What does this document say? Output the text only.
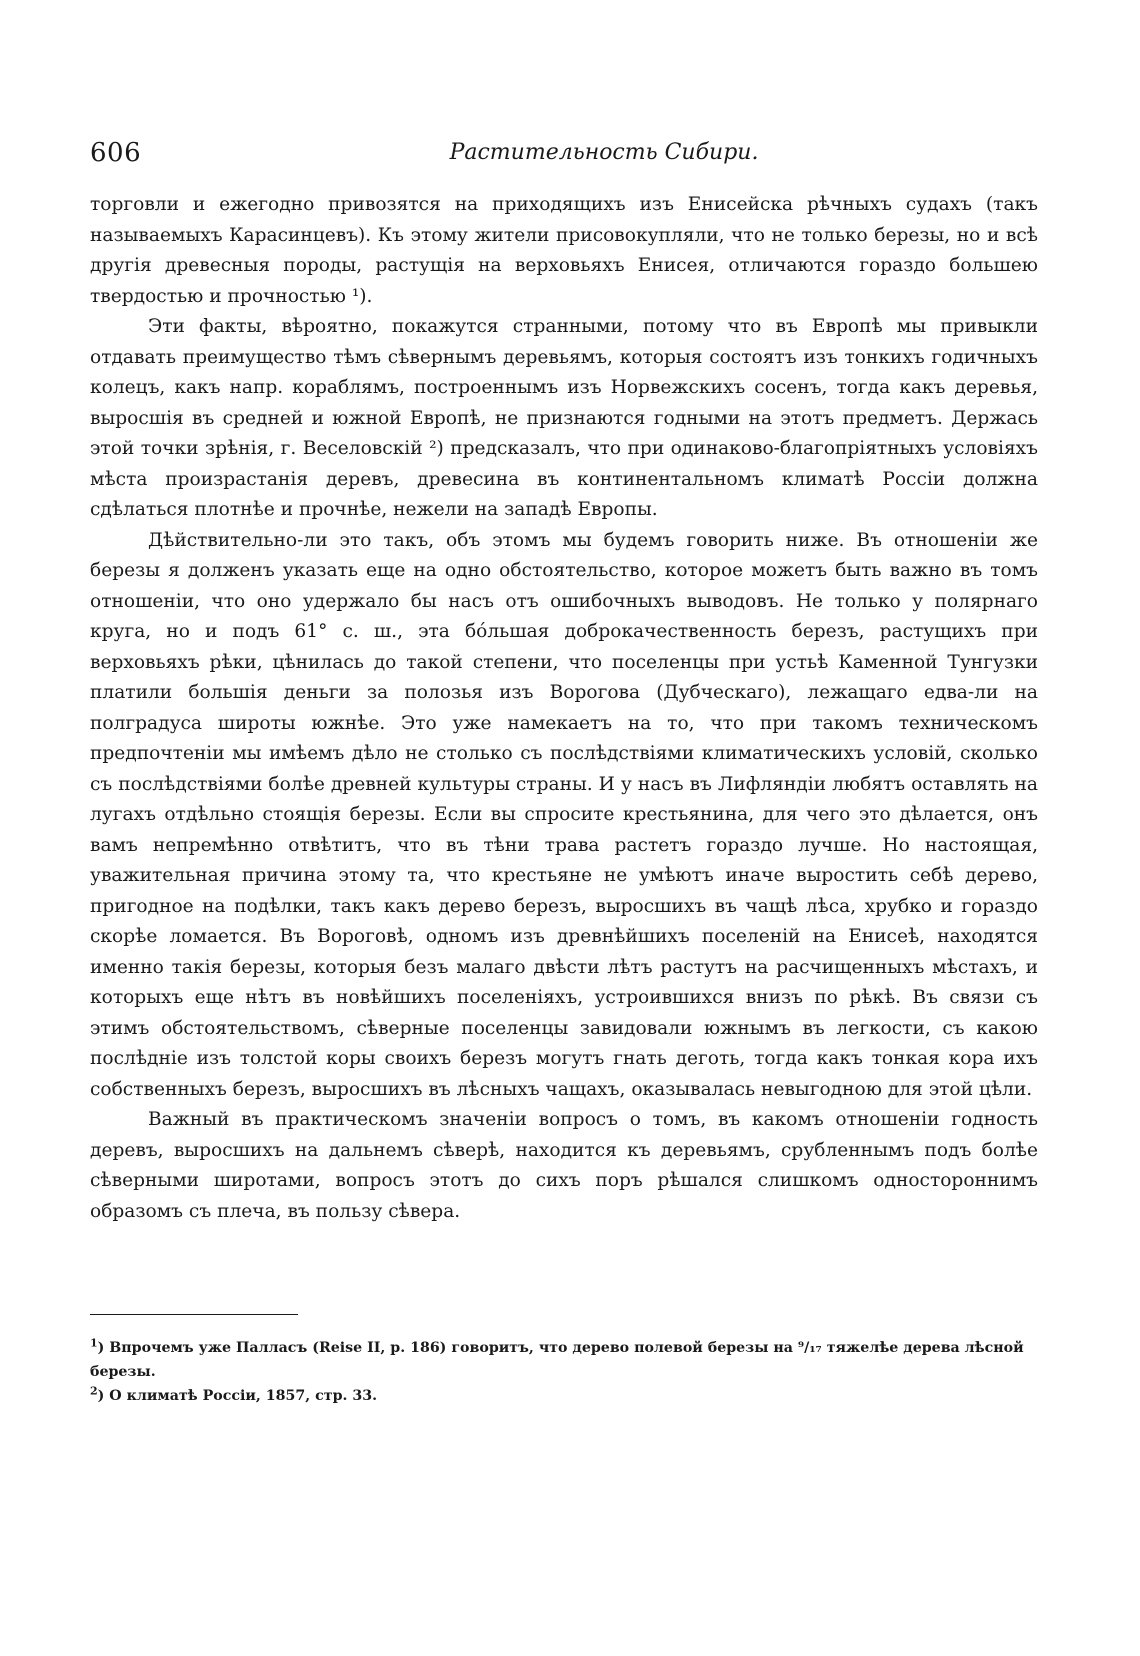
606	Растительность Сибири.

торговли и ежегодно привозятся на приходящихъ изъ Енисейска рѣчныхъ судахъ (такъ называемыхъ Карасинцевъ). Къ этому жители присовокупляли, что не только березы, но и всѣ другія древесныя породы, растущія на верховьяхъ Енисея, отличаются гораздо большею твердостью и прочностью ¹).

Эти факты, вѣроятно, покажутся странными, потому что въ Европѣ мы привыкли отдавать преимущество тѣмъ сѣвернымъ деревьямъ, которыя состоятъ изъ тонкихъ годичныхъ колецъ, какъ напр. кораблямъ, построеннымъ изъ Норвежскихъ сосенъ, тогда какъ деревья, выросшія въ средней и южной Европѣ, не признаются годными на этотъ предметъ. Держась этой точки зрѣнія, г. Веселовскій ²) предсказалъ, что при одинаково-благопріятныхъ условіяхъ мѣста произрастанія деревъ, древесина въ континентальномъ климатѣ Россіи должна сдѣлаться плотнѣе и прочнѣе, нежели на западѣ Европы.

Дѣйствительно-ли это такъ, объ этомъ мы будемъ говорить ниже. Въ отношеніи же березы я долженъ указать еще на одно обстоятельство, которое можетъ быть важно въ томъ отношеніи, что оно удержало бы насъ отъ ошибочныхъ выводовъ. Не только у полярнаго круга, но и подъ 61° с. ш., эта бо́льшая доброкачественность березъ, растущихъ при верховьяхъ рѣки, цѣнилась до такой степени, что поселенцы при устьѣ Каменной Тунгузки платили большія деньги за полозья изъ Ворогова (Дубческаго), лежащаго едва-ли на полградуса широты южнѣе. Это уже намекаетъ на то, что при такомъ техническомъ предпочтеніи мы имѣемъ дѣло не столько съ послѣдствіями климатическихъ условій, сколько съ послѣдствіями болѣе древней культуры страны. И у насъ въ Лифляндіи любятъ оставлять на лугахъ отдѣльно стоящія березы. Если вы спросите крестьянина, для чего это дѣлается, онъ вамъ непремѣнно отвѣтитъ, что въ тѣни трава растетъ гораздо лучше. Но настоящая, уважительная причина этому та, что крестьяне не умѣютъ иначе выростить себѣ дерево, пригодное на подѣлки, такъ какъ дерево березъ, выросшихъ въ чащѣ лѣса, хрубко и гораздо скорѣе ломается. Въ Вороговѣ, одномъ изъ древнѣйшихъ поселеній на Енисеѣ, находятся именно такія березы, которыя безъ малаго двѣсти лѣтъ растутъ на расчищенныхъ мѣстахъ, и которыхъ еще нѣтъ въ новѣйшихъ поселеніяхъ, устроившихся внизъ по рѣкѣ. Въ связи съ этимъ обстоятельствомъ, сѣверные поселенцы завидовали южнымъ въ легкости, съ какою послѣдніе изъ толстой коры своихъ березъ могутъ гнать деготь, тогда какъ тонкая кора ихъ собственныхъ березъ, выросшихъ въ лѣсныхъ чащахъ, оказывалась невыгодною для этой цѣли.

Важный въ практическомъ значеніи вопросъ о томъ, въ какомъ отношеніи годность деревъ, выросшихъ на дальнемъ сѣверѣ, находится къ деревьямъ, срубленнымъ подъ болѣе сѣверными широтами, вопросъ этотъ до сихъ поръ рѣшался слишкомъ одностороннимъ образомъ съ плеча, въ пользу сѣвера.

$^1$) Впрочемъ уже Палласъ (Reise II, p. 186) говоритъ, что дерево полевой березы на ⁹/₁₇ тяжелѣе дерева лѣсной березы.

$^2$) О климатѣ Россіи, 1857, стр. 33.
